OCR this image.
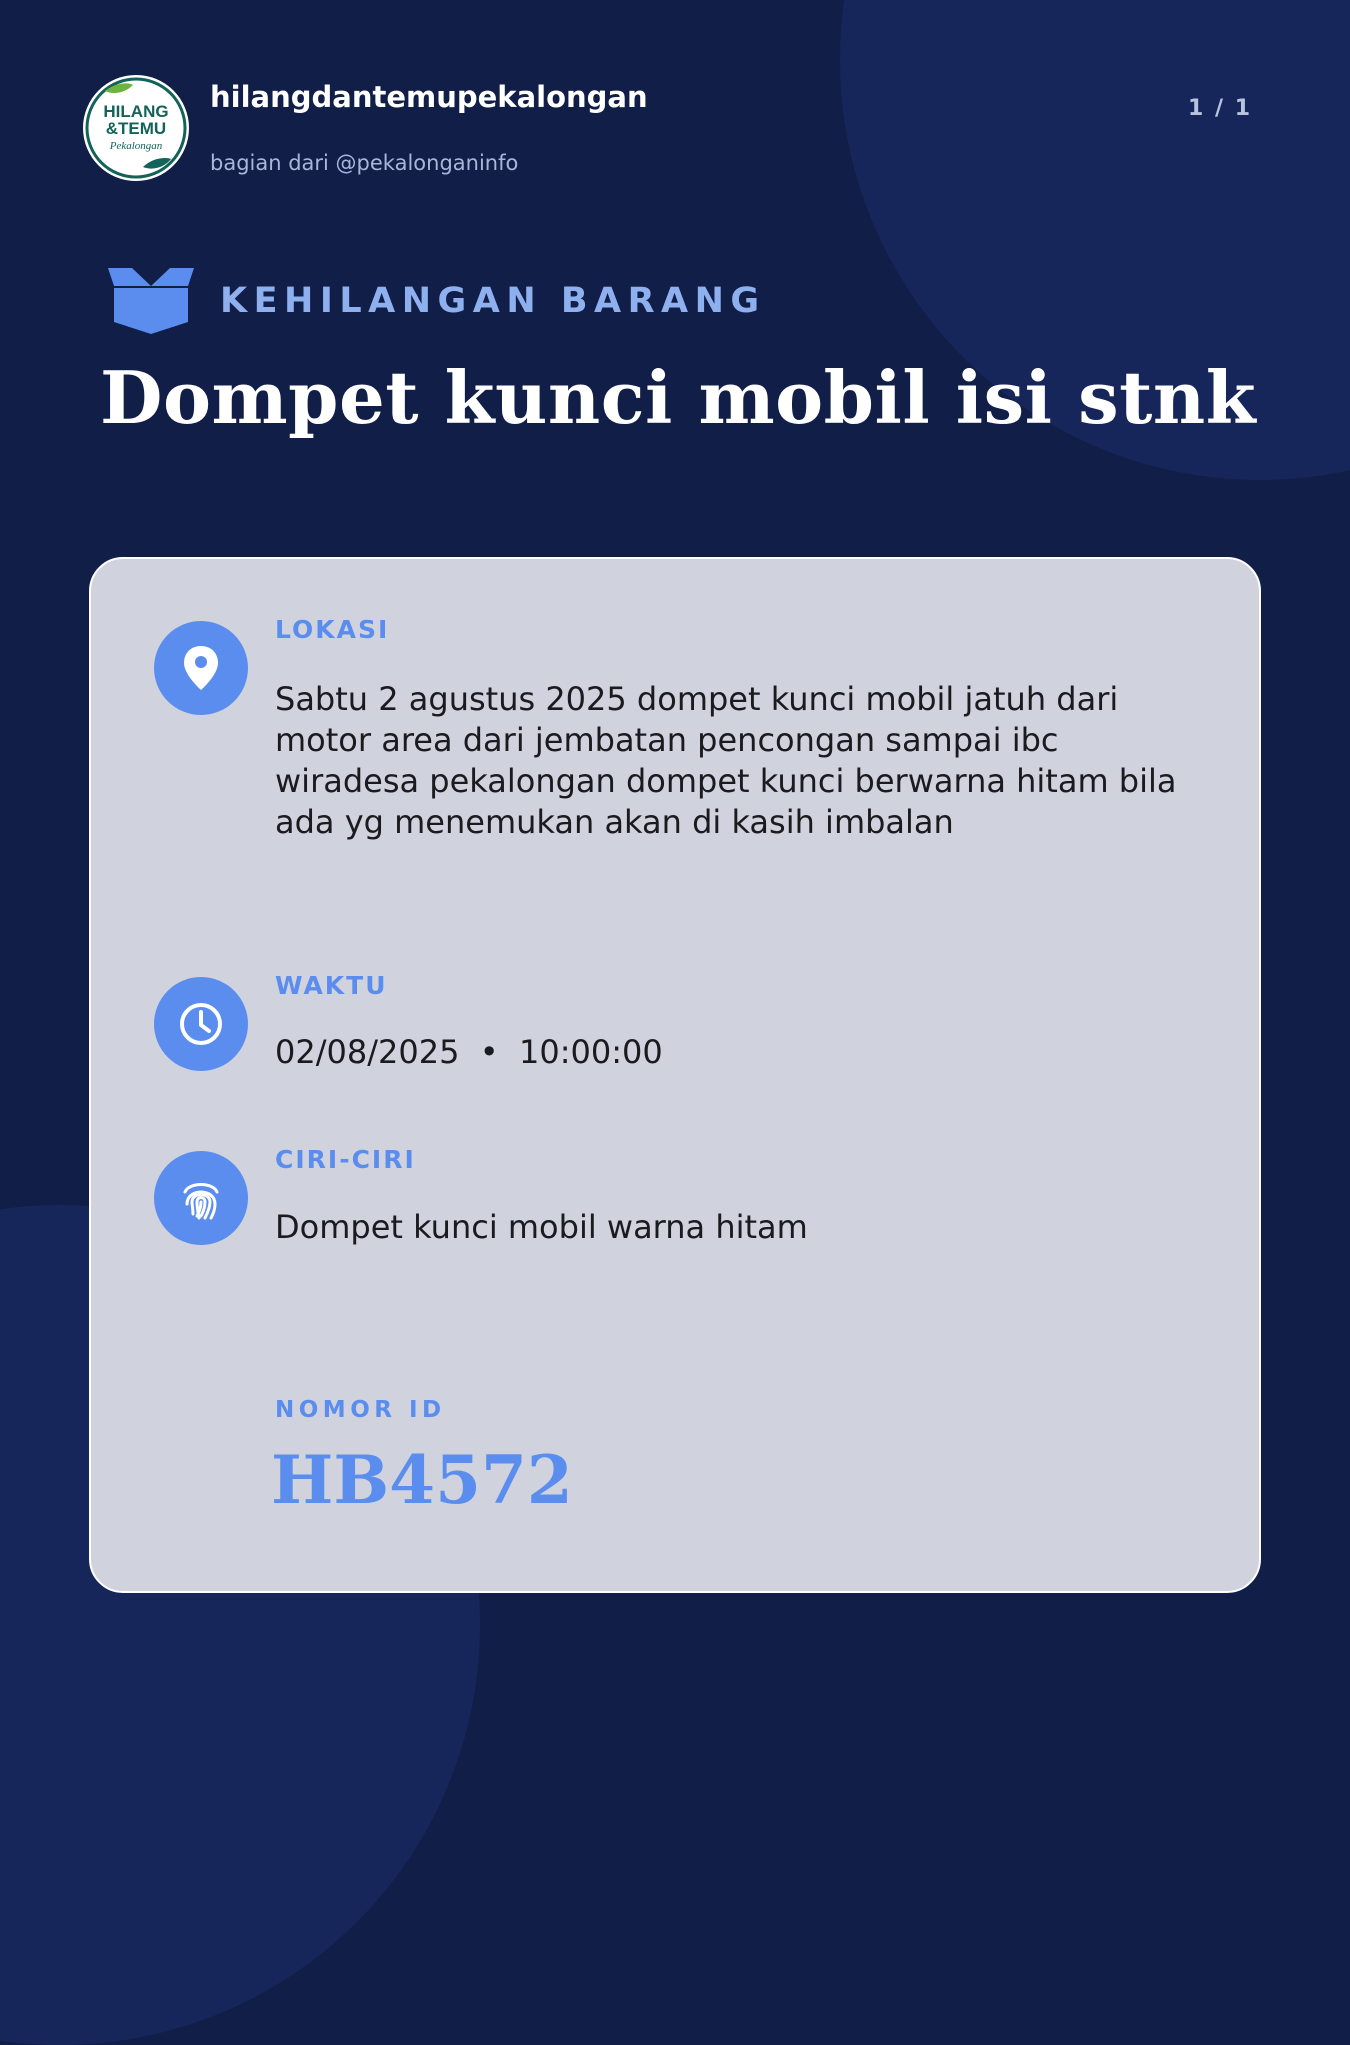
HILANG
&TEMU
Pekalongan
hilangdantemupekalongan
bagian dari @pekalonganinfo
1 / 1
KEHILANGAN BARANG
Dompet kunci mobil isi stnk
LOKASI
Sabtu 2 agustus 2025 dompet kunci mobil jatuh dari motor area dari jembatan pencongan sampai ibc wiradesa pekalongan dompet kunci berwarna hitam bila ada yg menemukan akan di kasih imbalan
WAKTU
02/08/2025  •  10:00:00
CIRI-CIRI
Dompet kunci mobil warna hitam
NOMOR ID
HB4572
